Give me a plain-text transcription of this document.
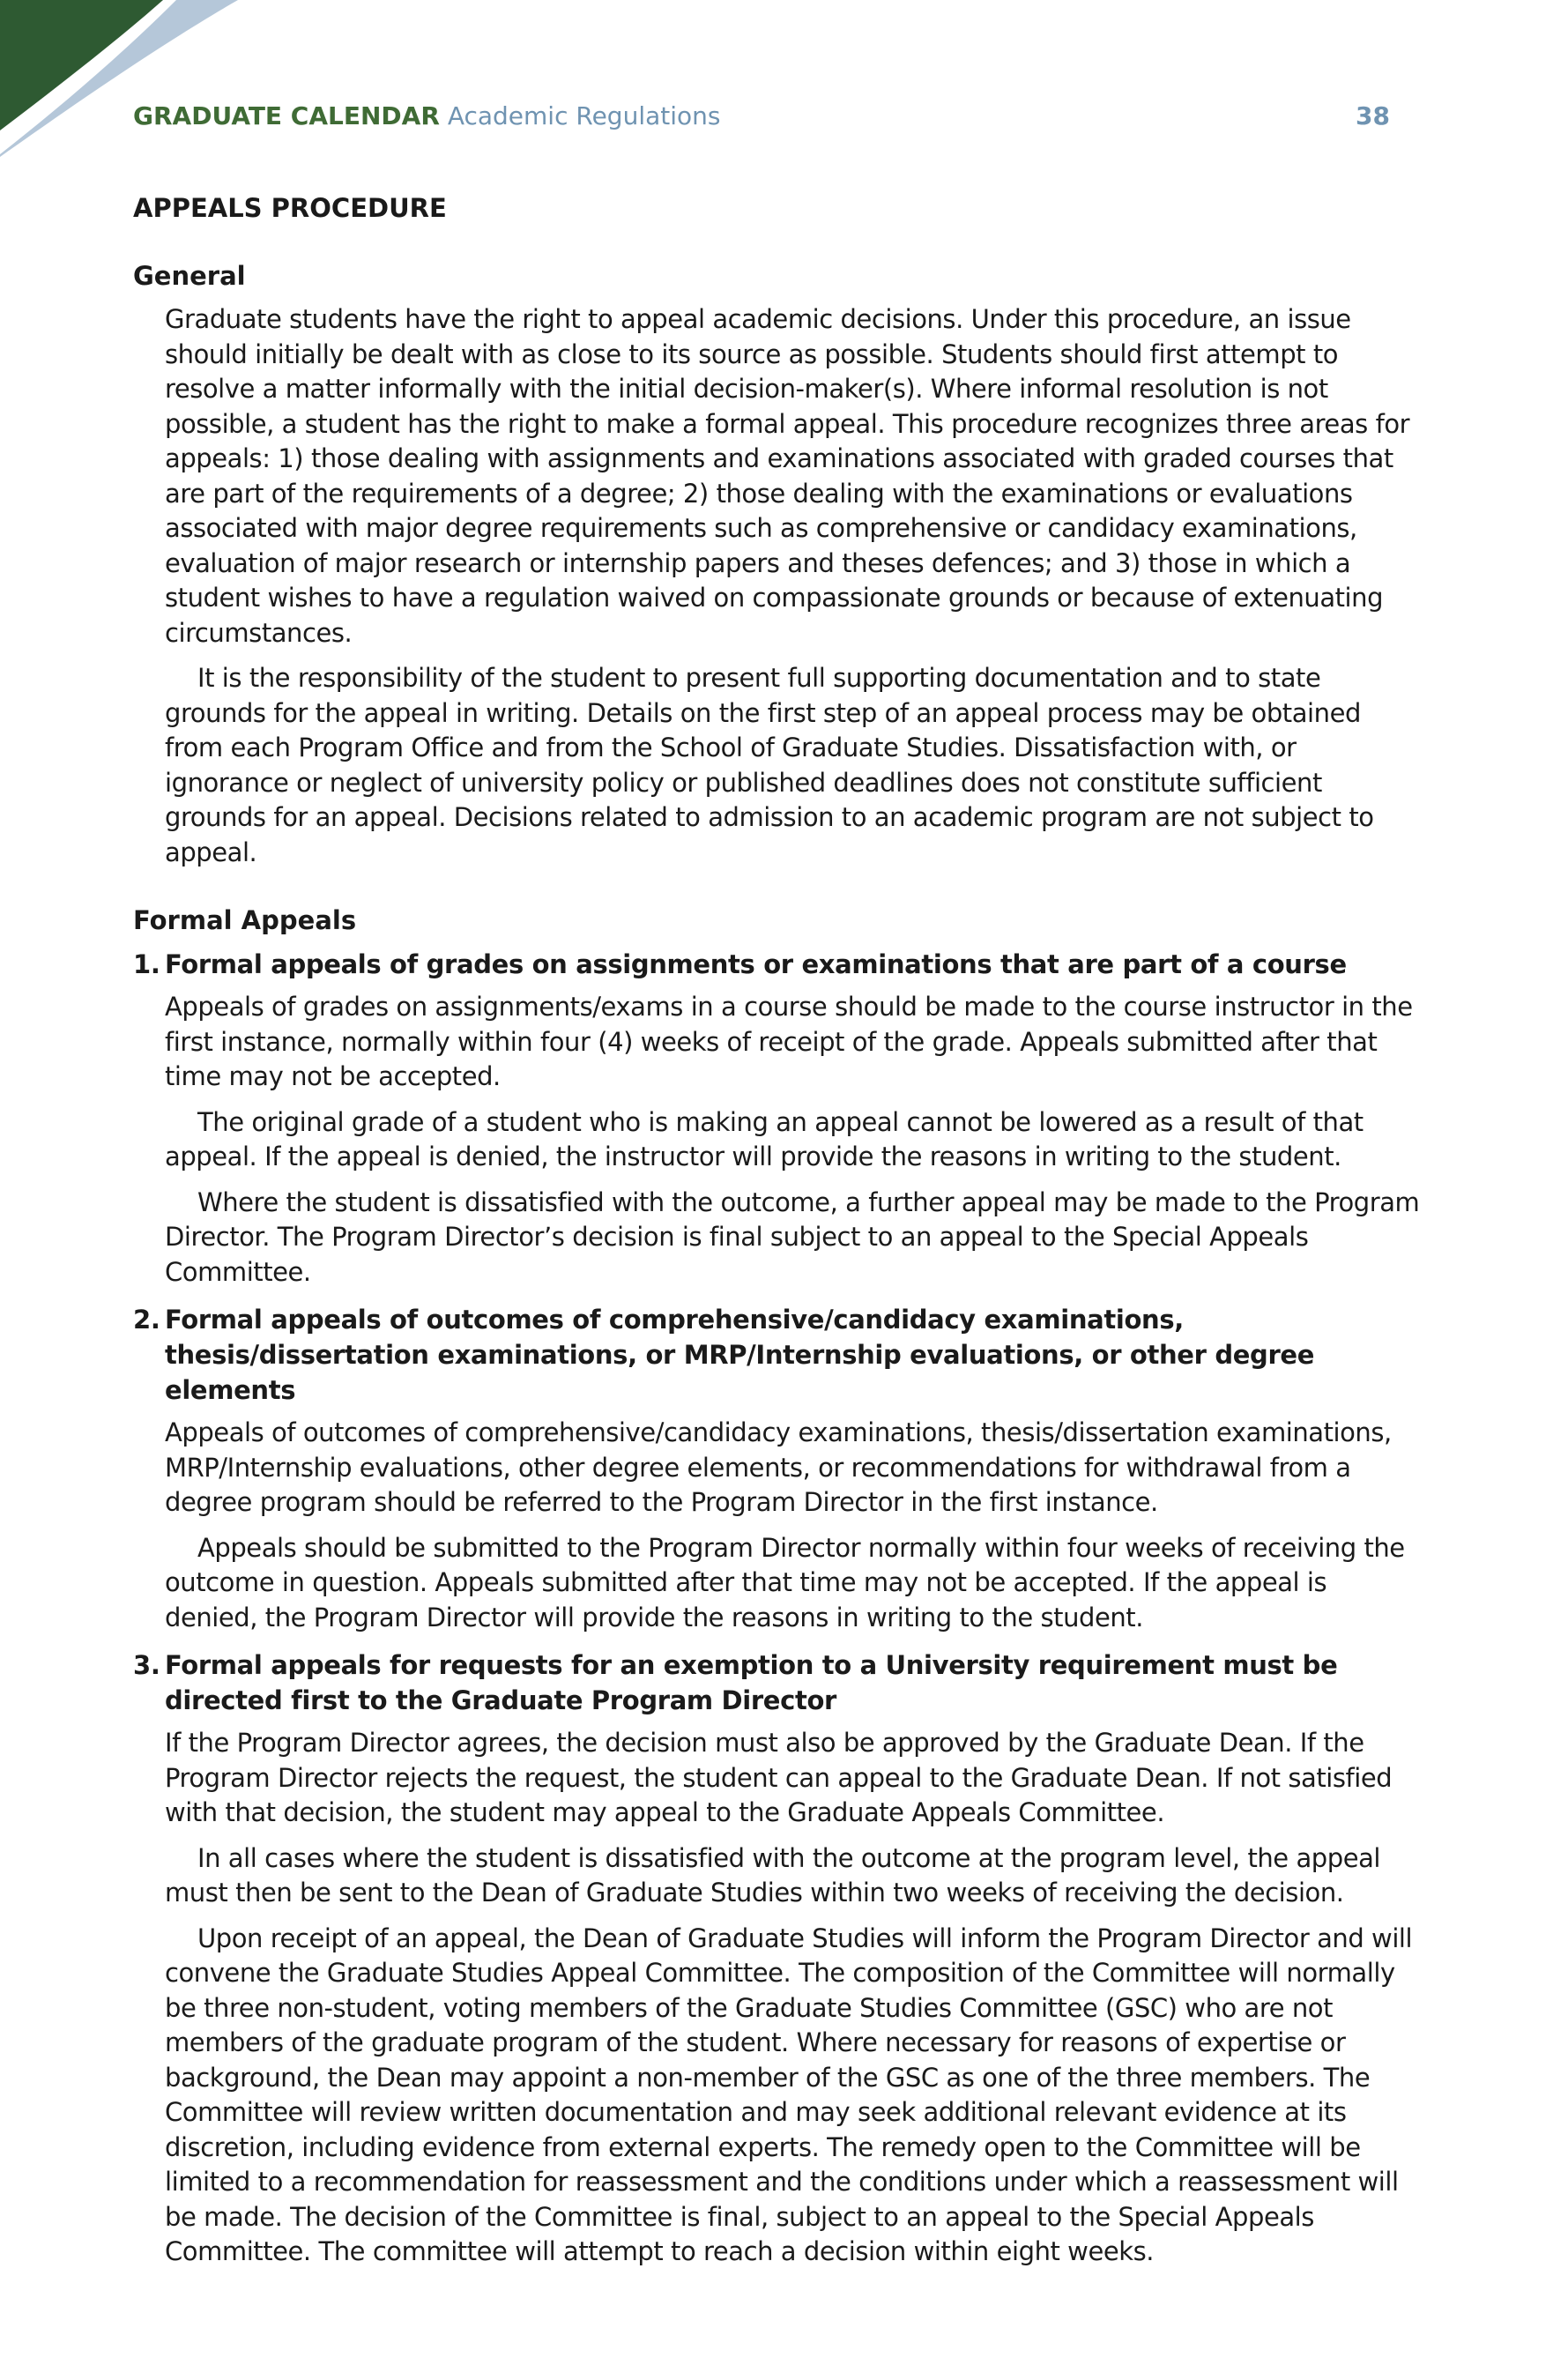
GRADUATE CALENDAR Academic Regulations	38
APPEALS PROCEDURE
General

Graduate students have the right to appeal academic decisions. Under this procedure, an issue should initially be dealt with as close to its source as possible. Students should first attempt to resolve a matter informally with the initial decision-maker(s). Where informal resolution is not possible, a student has the right to make a formal appeal. This procedure recognizes three areas for appeals: 1) those dealing with assignments and examinations associated with graded courses that are part of the requirements of a degree; 2) those dealing with the examinations or evaluations associated with major degree requirements such as comprehensive or candidacy examinations, evaluation of major research or internship papers and theses defences; and 3) those in which a student wishes to have a regulation waived on compassionate grounds or because of extenuating circumstances.

It is the responsibility of the student to present full supporting documentation and to state grounds for the appeal in writing. Details on the first step of an appeal process may be obtained from each Program Office and from the School of Graduate Studies. Dissatisfaction with, or ignorance or neglect of university policy or published deadlines does not constitute sufficient grounds for an appeal. Decisions related to admission to an academic program are not subject to appeal.

Formal Appeals
1. Formal appeals of grades on assignments or examinations that are part of a course

Appeals of grades on assignments/exams in a course should be made to the course instructor in the first instance, normally within four (4) weeks of receipt of the grade. Appeals submitted after that time may not be accepted.

The original grade of a student who is making an appeal cannot be lowered as a result of that appeal. If the appeal is denied, the instructor will provide the reasons in writing to the student.

Where the student is dissatisfied with the outcome, a further appeal may be made to the Program Director. The Program Director’s decision is final subject to an appeal to the Special Appeals Committee.

2. Formal appeals of outcomes of comprehensive/candidacy examinations, thesis/dissertation examinations, or MRP/Internship evaluations, or other degree elements

Appeals of outcomes of comprehensive/candidacy examinations, thesis/dissertation examinations, MRP/Internship evaluations, other degree elements, or recommendations for withdrawal from a degree program should be referred to the Program Director in the first instance.

Appeals should be submitted to the Program Director normally within four weeks of receiving the outcome in question. Appeals submitted after that time may not be accepted. If the appeal is denied, the Program Director will provide the reasons in writing to the student.

3. Formal appeals for requests for an exemption to a University requirement must be directed first to the Graduate Program Director

If the Program Director agrees, the decision must also be approved by the Graduate Dean. If the Program Director rejects the request, the student can appeal to the Graduate Dean. If not satisfied with that decision, the student may appeal to the Graduate Appeals Committee.

In all cases where the student is dissatisfied with the outcome at the program level, the appeal must then be sent to the Dean of Graduate Studies within two weeks of receiving the decision.

Upon receipt of an appeal, the Dean of Graduate Studies will inform the Program Director and will convene the Graduate Studies Appeal Committee. The composition of the Committee will normally be three non-student, voting members of the Graduate Studies Committee (GSC) who are not members of the graduate program of the student. Where necessary for reasons of expertise or background, the Dean may appoint a non-member of the GSC as one of the three members. The Committee will review written documentation and may seek additional relevant evidence at its discretion, including evidence from external experts. The remedy open to the Committee will be limited to a recommendation for reassessment and the conditions under which a reassessment will be made. The decision of the Committee is final, subject to an appeal to the Special Appeals Committee. The committee will attempt to reach a decision within eight weeks.
